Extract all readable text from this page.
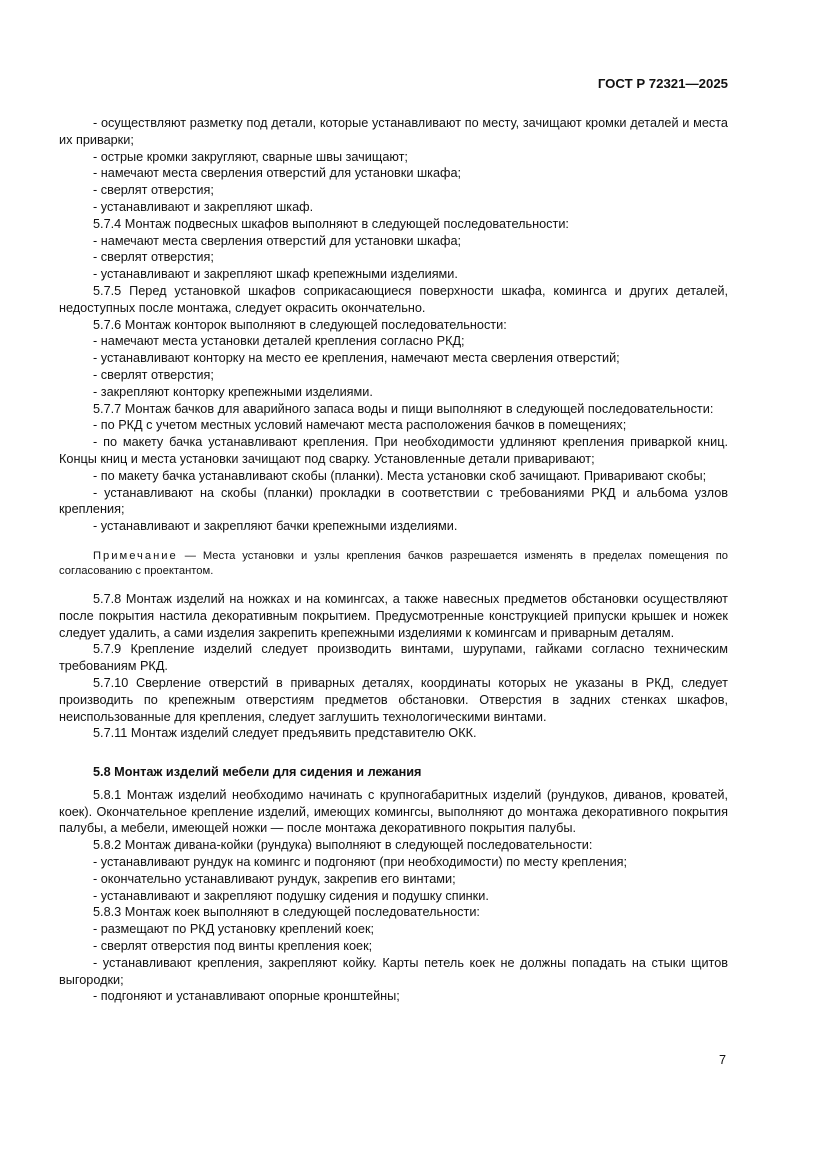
ГОСТ Р 72321—2025

- осуществляют разметку под детали, которые устанавливают по месту, зачищают кромки деталей и места их приварки;

- острые кромки закругляют, сварные швы зачищают;

- намечают места сверления отверстий для установки шкафа;

- сверлят отверстия;

- устанавливают и закрепляют шкаф.

5.7.4 Монтаж подвесных шкафов выполняют в следующей последовательности:

- намечают места сверления отверстий для установки шкафа;

- сверлят отверстия;

- устанавливают и закрепляют шкаф крепежными изделиями.

5.7.5 Перед установкой шкафов соприкасающиеся поверхности шкафа, комингса и других деталей, недоступных после монтажа, следует окрасить окончательно.

5.7.6 Монтаж конторок выполняют в следующей последовательности:

- намечают места установки деталей крепления согласно РКД;

- устанавливают конторку на место ее крепления, намечают места сверления отверстий;

- сверлят отверстия;

- закрепляют конторку крепежными изделиями.

5.7.7 Монтаж бачков для аварийного запаса воды и пищи выполняют в следующей последовательности:

- по РКД с учетом местных условий намечают места расположения бачков в помещениях;

- по макету бачка устанавливают крепления. При необходимости удлиняют крепления приваркой книц. Концы книц и места установки зачищают под сварку. Установленные детали приваривают;

- по макету бачка устанавливают скобы (планки). Места установки скоб зачищают. Приваривают скобы;

- устанавливают на скобы (планки) прокладки в соответствии с требованиями РКД и альбома узлов крепления;

- устанавливают и закрепляют бачки крепежными изделиями.

Примечание — Места установки и узлы крепления бачков разрешается изменять в пределах помещения по согласованию с проектантом.

5.7.8 Монтаж изделий на ножках и на комингсах, а также навесных предметов обстановки осуществляют после покрытия настила декоративным покрытием. Предусмотренные конструкцией припуски крышек и ножек следует удалить, а сами изделия закрепить крепежными изделиями к комингсам и приварным деталям.

5.7.9 Крепление изделий следует производить винтами, шурупами, гайками согласно техническим требованиям РКД.

5.7.10 Сверление отверстий в приварных деталях, координаты которых не указаны в РКД, следует производить по крепежным отверстиям предметов обстановки. Отверстия в задних стенках шкафов, неиспользованные для крепления, следует заглушить технологическими винтами.

5.7.11 Монтаж изделий следует предъявить представителю ОКК.

5.8 Монтаж изделий мебели для сидения и лежания

5.8.1 Монтаж изделий необходимо начинать с крупногабаритных изделий (рундуков, диванов, кроватей, коек). Окончательное крепление изделий, имеющих комингсы, выполняют до монтажа декоративного покрытия палубы, а мебели, имеющей ножки — после монтажа декоративного покрытия палубы.

5.8.2 Монтаж дивана-койки (рундука) выполняют в следующей последовательности:

- устанавливают рундук на комингс и подгоняют (при необходимости) по месту крепления;

- окончательно устанавливают рундук, закрепив его винтами;

- устанавливают и закрепляют подушку сидения и подушку спинки.

5.8.3 Монтаж коек выполняют в следующей последовательности:

- размещают по РКД установку креплений коек;

- сверлят отверстия под винты крепления коек;

- устанавливают крепления, закрепляют койку. Карты петель коек не должны попадать на стыки щитов выгородки;

- подгоняют и устанавливают опорные кронштейны;

7
